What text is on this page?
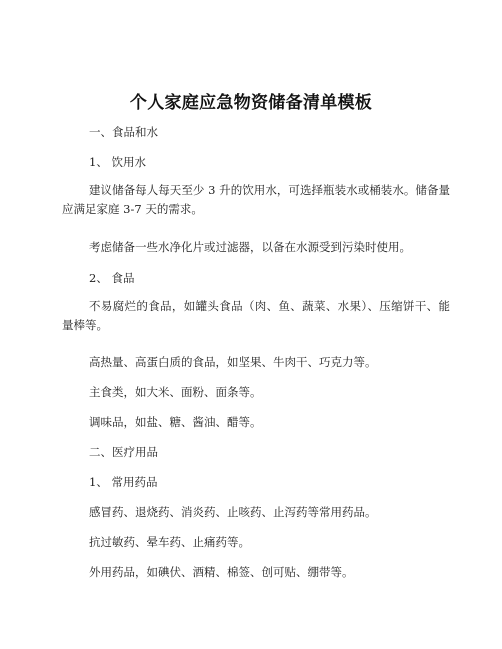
个人家庭应急物资储备清单模板
一、食品和水
1、 饮用水
建议储备每人每天至少 3 升的饮用水，可选择瓶装水或桶装水。储备量应满足家庭 3-7 天的需求。
考虑储备一些水净化片或过滤器，以备在水源受到污染时使用。
2、 食品
不易腐烂的食品，如罐头食品（肉、鱼、蔬菜、水果）、压缩饼干、能量棒等。
高热量、高蛋白质的食品，如坚果、牛肉干、巧克力等。
主食类，如大米、面粉、面条等。
调味品，如盐、糖、酱油、醋等。
二、医疗用品
1、 常用药品
感冒药、退烧药、消炎药、止咳药、止泻药等常用药品。
抗过敏药、晕车药、止痛药等。
外用药品，如碘伏、酒精、棉签、创可贴、绷带等。
